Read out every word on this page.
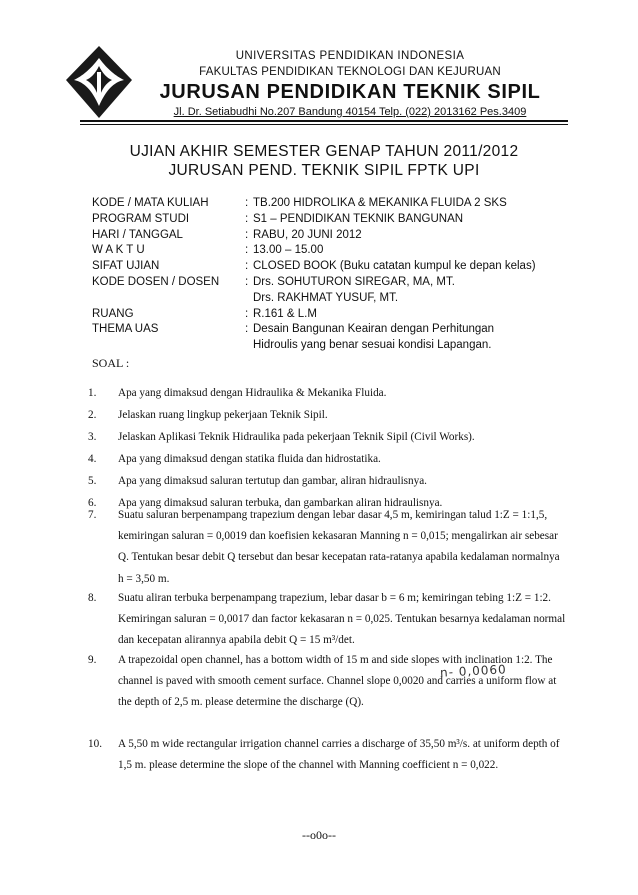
UNIVERSITAS PENDIDIKAN INDONESIA
FAKULTAS PENDIDIKAN TEKNOLOGI DAN KEJURUAN
JURUSAN PENDIDIKAN TEKNIK SIPIL
Jl. Dr. Setiabudhi No.207 Bandung 40154 Telp. (022) 2013162 Pes.3409
UJIAN AKHIR SEMESTER GENAP TAHUN 2011/2012
JURUSAN PEND. TEKNIK SIPIL FPTK UPI
KODE / MATA KULIAH	: TB.200 HIDROLIKA & MEKANIKA FLUIDA 2 SKS
PROGRAM STUDI	: S1 – PENDIDIKAN TEKNIK BANGUNAN
HARI / TANGGAL	: RABU, 20 JUNI 2012
W A K T U	: 13.00 – 15.00
SIFAT UJIAN	: CLOSED BOOK (Buku catatan kumpul ke depan kelas)
KODE DOSEN / DOSEN	: Drs. SOHUTURON SIREGAR, MA, MT.
Drs. RAKHMAT YUSUF, MT.
RUANG	: R.161 & L.M
THEMA UAS	: Desain Bangunan Keairan dengan Perhitungan
Hidroulis yang benar sesuai kondisi Lapangan.
SOAL :
1.	Apa yang dimaksud dengan Hidraulika & Mekanika Fluida.
2.	Jelaskan ruang lingkup pekerjaan Teknik Sipil.
3.	Jelaskan Aplikasi Teknik Hidraulika pada pekerjaan Teknik Sipil (Civil Works).
4.	Apa yang dimaksud dengan statika fluida dan hidrostatika.
5.	Apa yang dimaksud saluran tertutup dan gambar, aliran hidraulisnya.
6.	Apa yang dimaksud saluran terbuka, dan gambarkan aliran hidraulisnya.
7.	Suatu saluran berpenampang trapezium dengan lebar dasar 4,5 m, kemiringan talud 1:Z = 1:1,5, kemiringan saluran = 0,0019 dan koefisien kekasaran Manning n = 0,015; mengalirkan air sebesar Q. Tentukan besar debit Q tersebut dan besar kecepatan rata-ratanya apabila kedalaman normalnya h = 3,50 m.
8.	Suatu aliran terbuka berpenampang trapezium, lebar dasar b = 6 m; kemiringan tebing 1:Z = 1:2. Kemiringan saluran = 0,0017 dan factor kekasaran n = 0,025. Tentukan besarnya kedalaman normal dan kecepatan alirannya apabila debit Q = 15 m³/det.
9.	A trapezoidal open channel, has a bottom width of 15 m and side slopes with inclination 1:2. The channel is paved with smooth cement surface. Channel slope 0,0020 and carries a uniform flow at the depth of 2,5 m. please determine the discharge (Q).
10.	A 5,50 m wide rectangular irrigation channel carries a discharge of 35,50 m³/s. at uniform depth of 1,5 m. please determine the slope of the channel with Manning coefficient n = 0,022.
n- 0,0060
--o0o--
